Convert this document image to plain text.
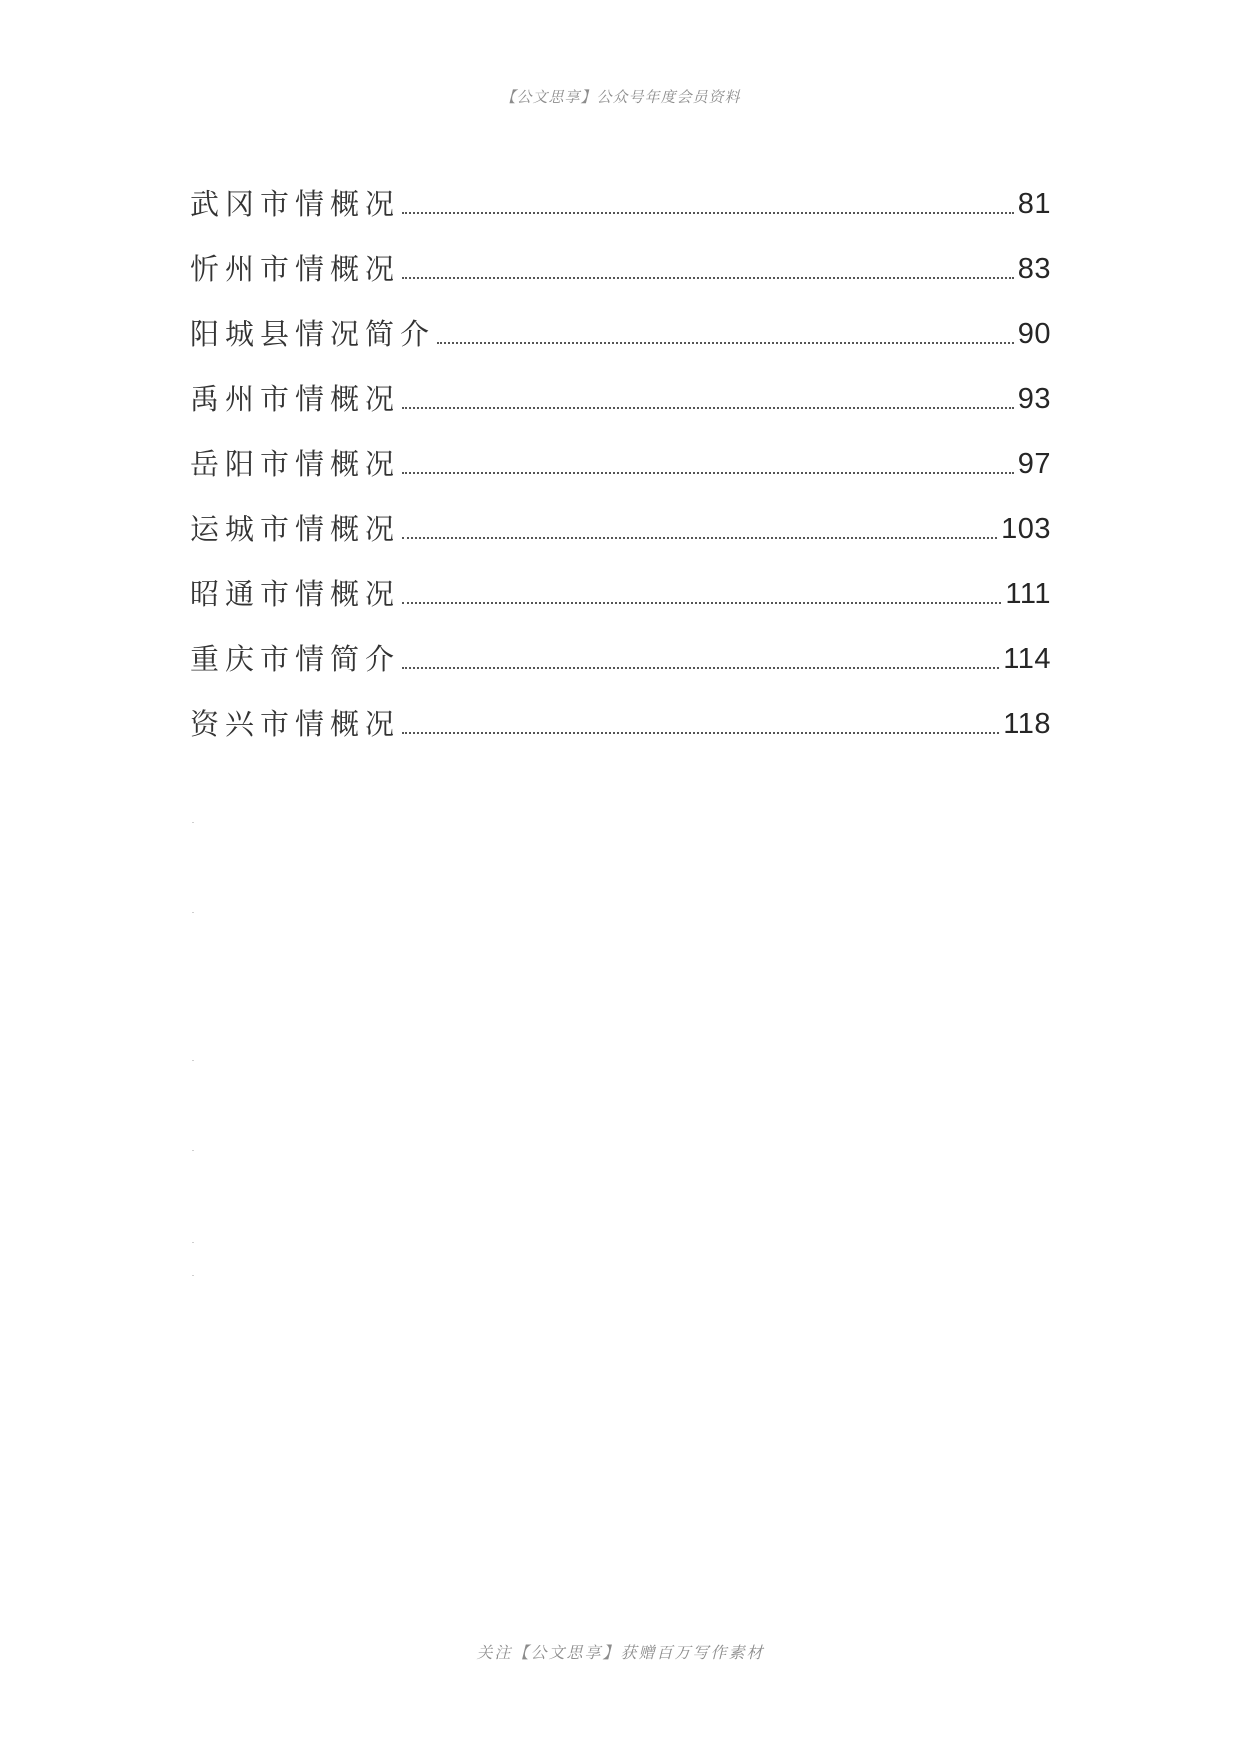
【公文思享】公众号年度会员资料
武冈市情概况	81
忻州市情概况	83
阳城县情况简介	90
禹州市情概况	93
岳阳市情概况	97
运城市情概况	103
昭通市情概况	111
重庆市情简介	114
资兴市情概况	118
关注【公文思享】获赠百万写作素材
